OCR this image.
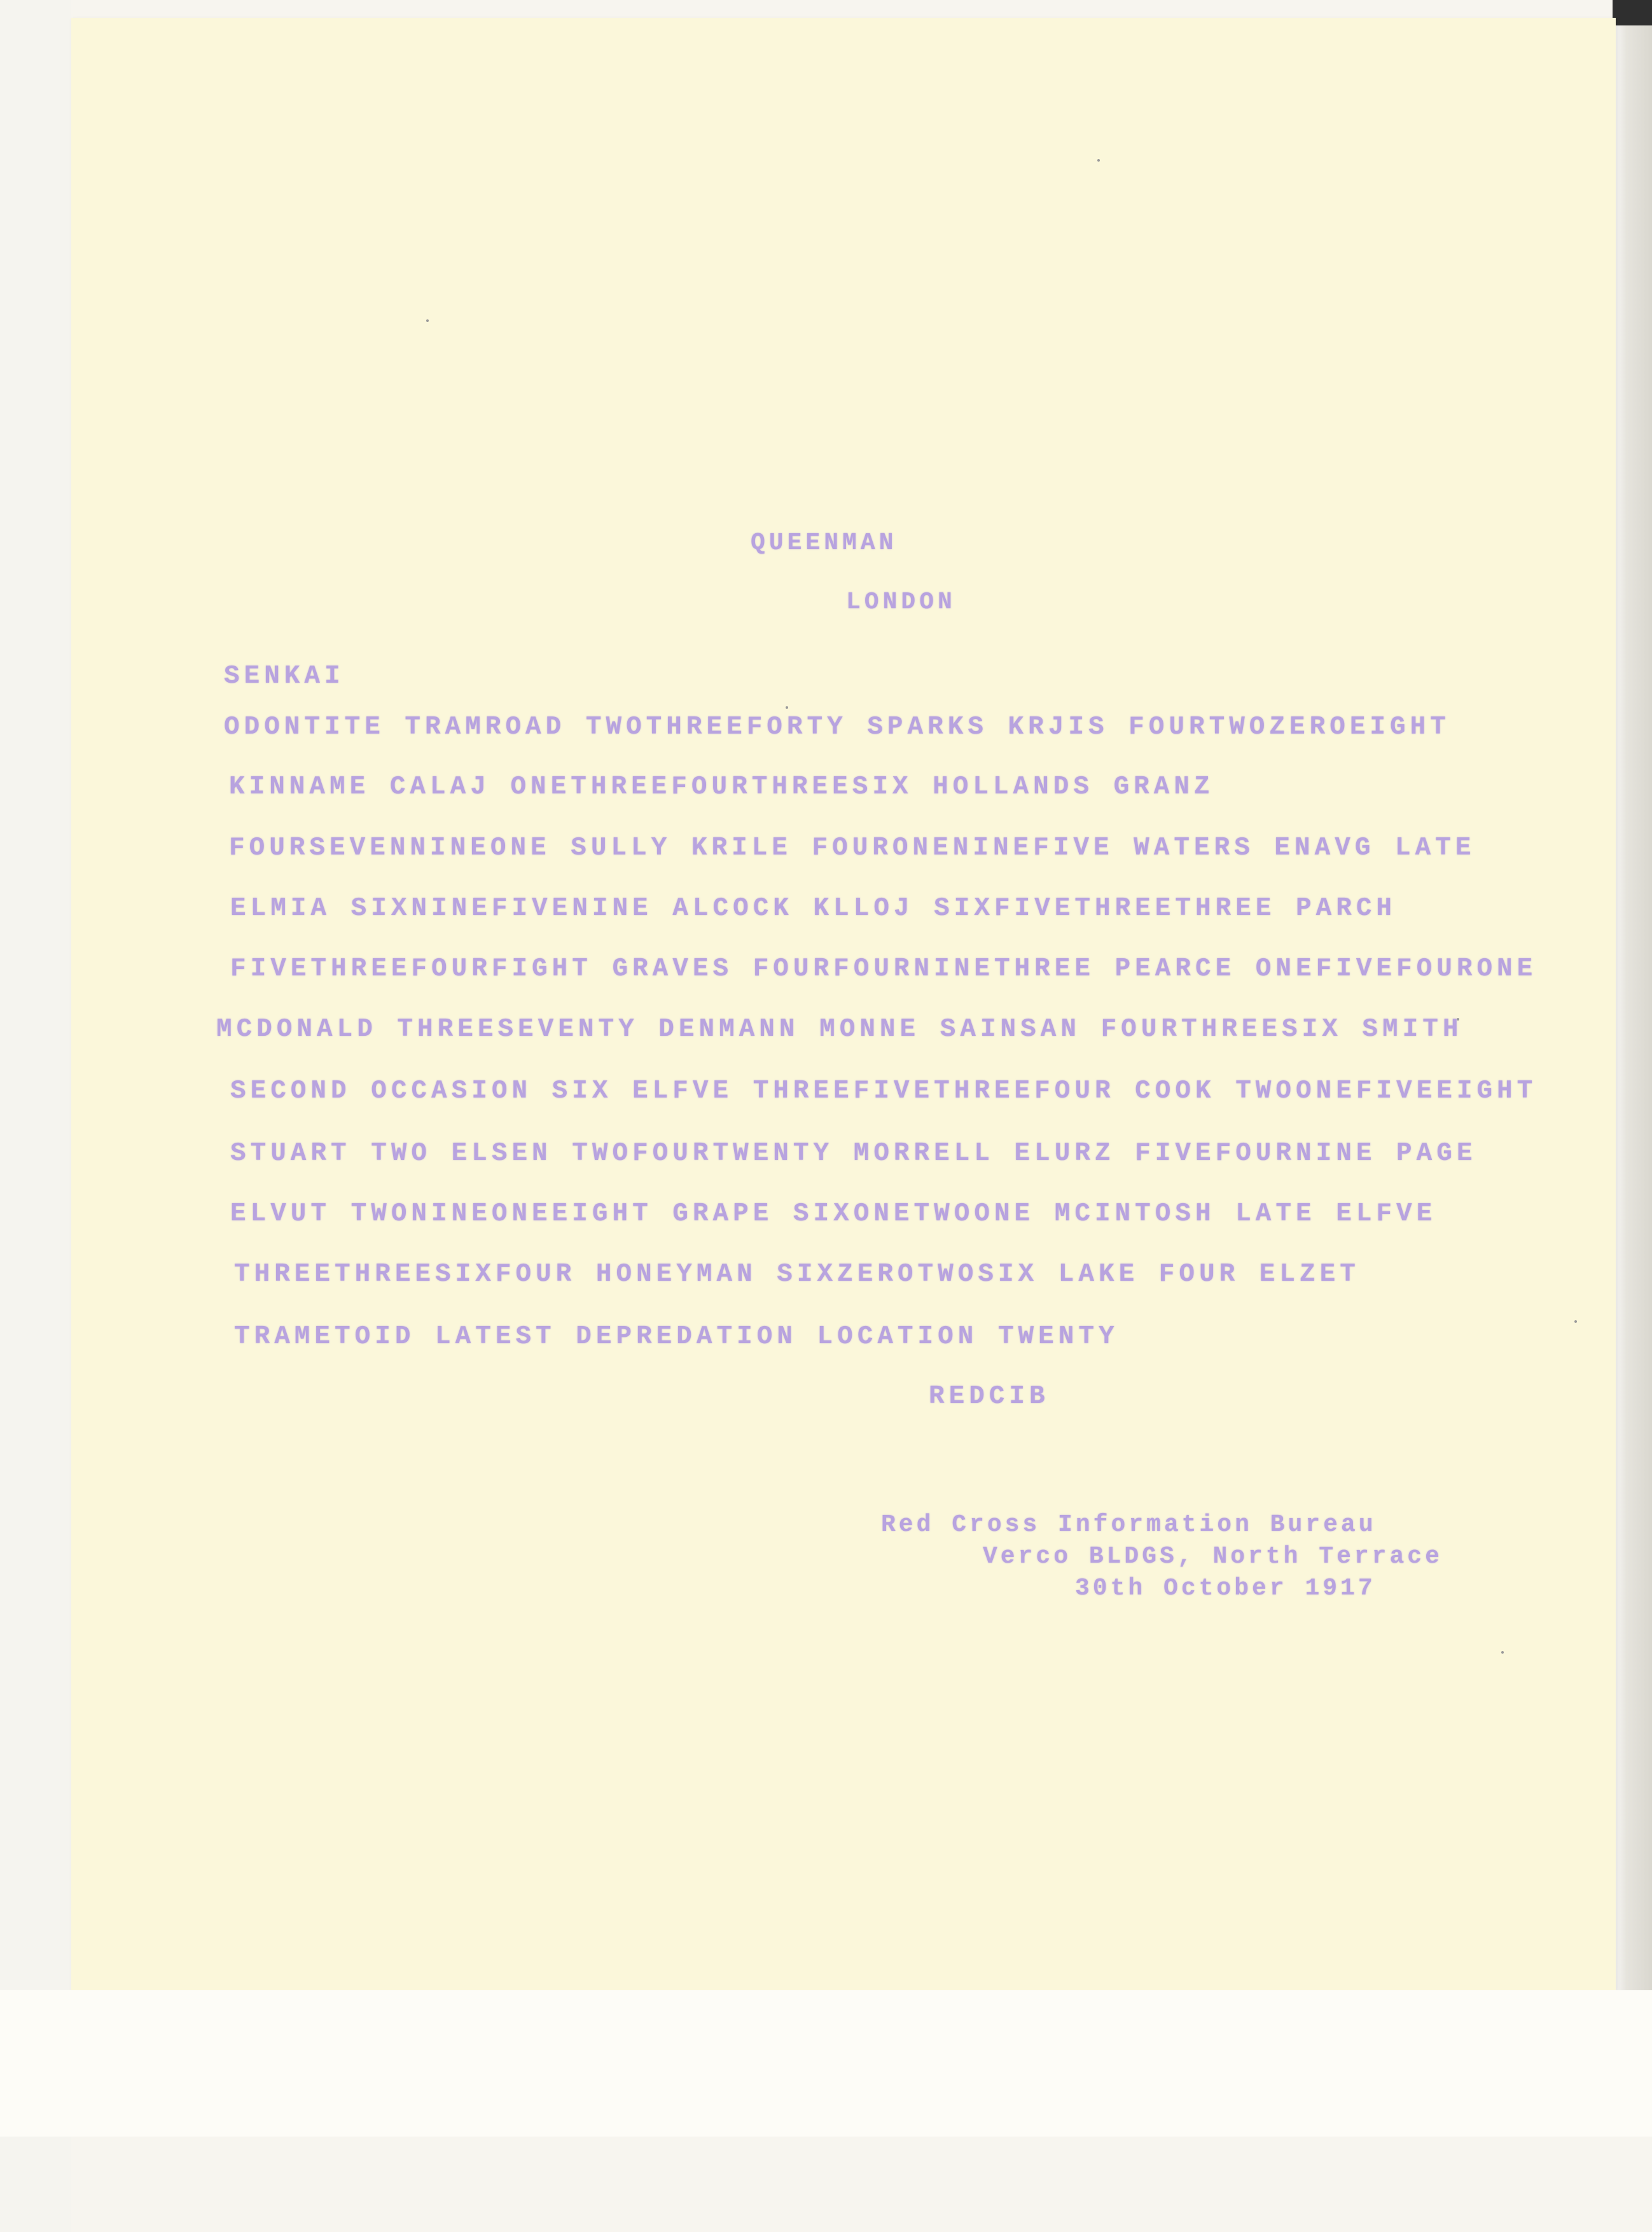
QUEENMAN
LONDON
SENKAI
ODONTITE TRAMROAD TWOTHREEFORTY SPARKS KRJIS FOURTWOZEROEIGHT
KINNAME CALAJ ONETHREEFOURTHREESIX HOLLANDS GRANZ
FOURSEVENNINEONE SULLY KRILE FOURONENINEFIVE WATERS ENAVG LATE
ELMIA SIXNINEFIVENINE ALCOCK KLLOJ SIXFIVETHREETHREE PARCH
FIVETHREEFOURFIGHT GRAVES FOURFOURNINETHREE PEARCE ONEFIVEFOURONE
MCDONALD THREESEVENTY DENMANN MONNE SAINSAN FOURTHREESIX SMITH
SECOND OCCASION SIX ELFVE THREEFIVETHREEFOUR COOK TWOONEFIVEEIGHT
STUART TWO ELSEN TWOFOURTWENTY MORRELL ELURZ FIVEFOURNINE PAGE
ELVUT TWONINEONEEIGHT GRAPE SIXONETWOONE MCINTOSH LATE ELFVE
THREETHREESIXFOUR HONEYMAN SIXZEROTWOSIX LAKE FOUR ELZET
TRAMETOID LATEST DEPREDATION LOCATION TWENTY
REDCIB
Red Cross Information Bureau
Verco BLDGS, North Terrace
30th October 1917
